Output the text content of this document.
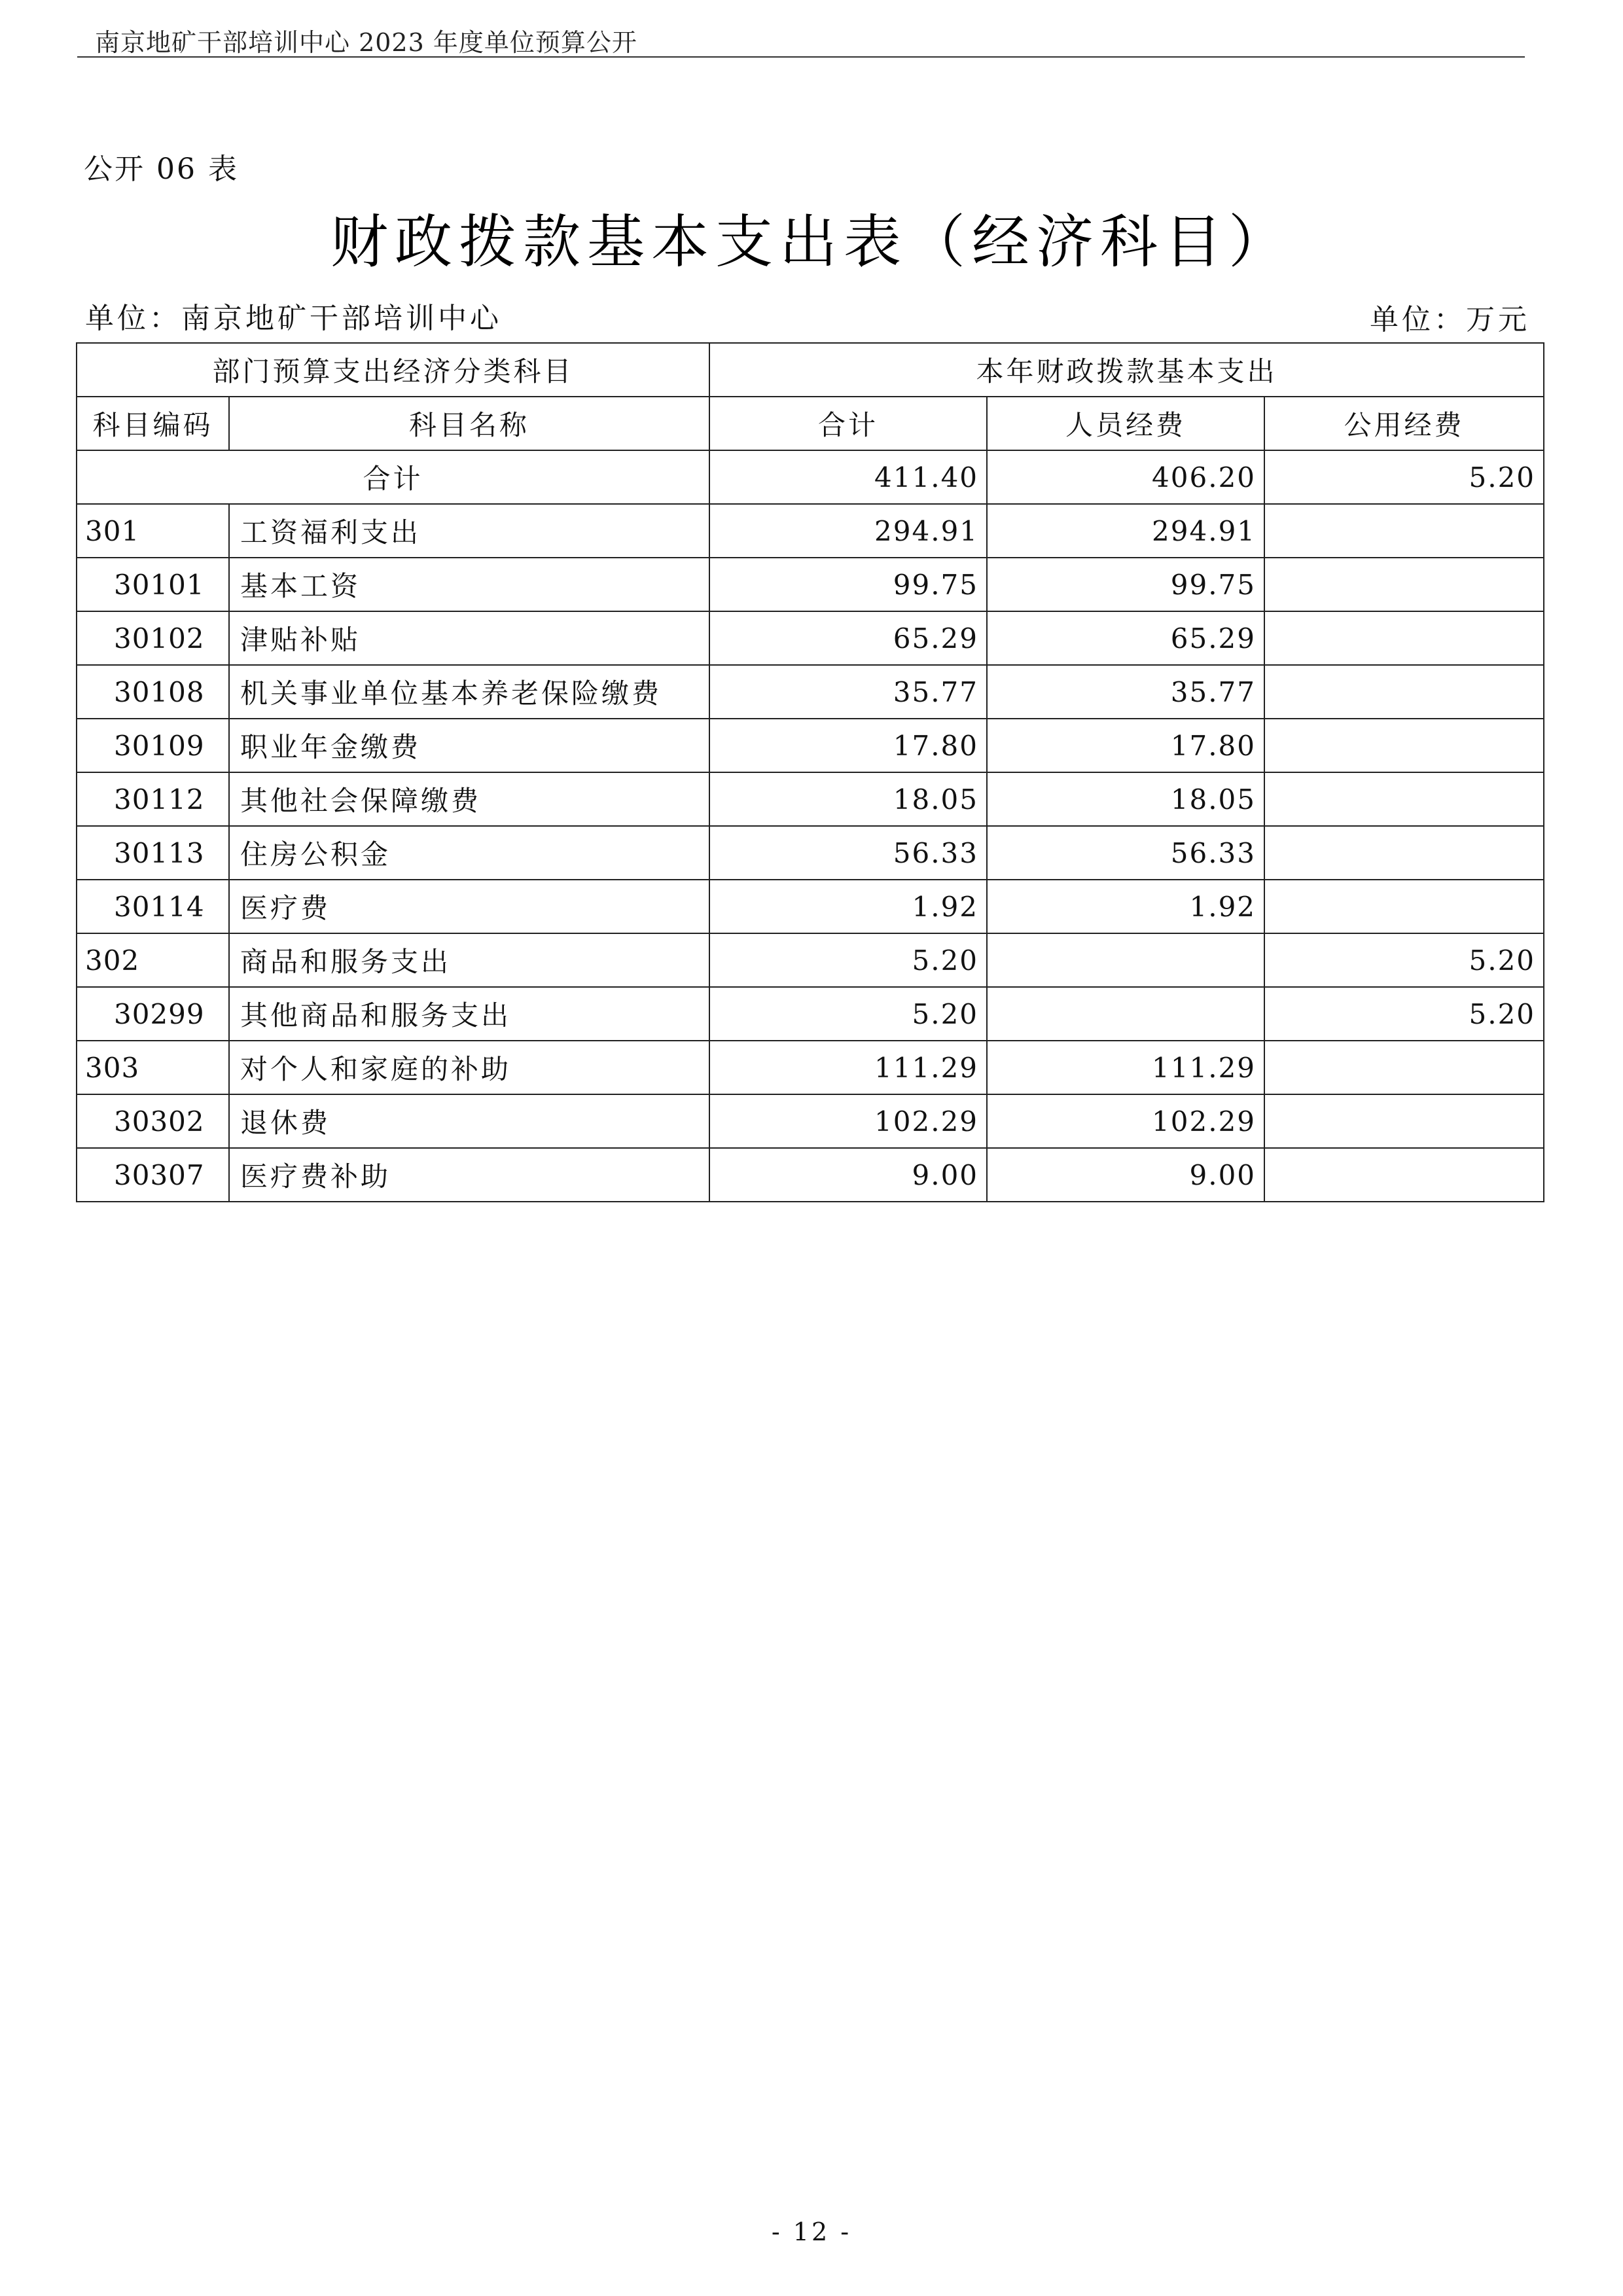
南京地矿干部培训中心 2023 年度单位预算公开
公开 06 表
财政拨款基本支出表（经济科目）
单位：南京地矿干部培训中心	单位：万元
部门预算支出经济分类科目		本年财政拨款基本支出		
科目编码	科目名称	合计	人员经费	公用经费
合计		411.40	406.20	5.20
301	工资福利支出	294.91	294.91	
30101	基本工资	99.75	99.75	
30102	津贴补贴	65.29	65.29	
30108	机关事业单位基本养老保险缴费	35.77	35.77	
30109	职业年金缴费	17.80	17.80	
30112	其他社会保障缴费	18.05	18.05	
30113	住房公积金	56.33	56.33	
30114	医疗费	1.92	1.92	
302	商品和服务支出	5.20		5.20
30299	其他商品和服务支出	5.20		5.20
303	对个人和家庭的补助	111.29	111.29	
30302	退休费	102.29	102.29	
30307	医疗费补助	9.00	9.00	
- 12 -
